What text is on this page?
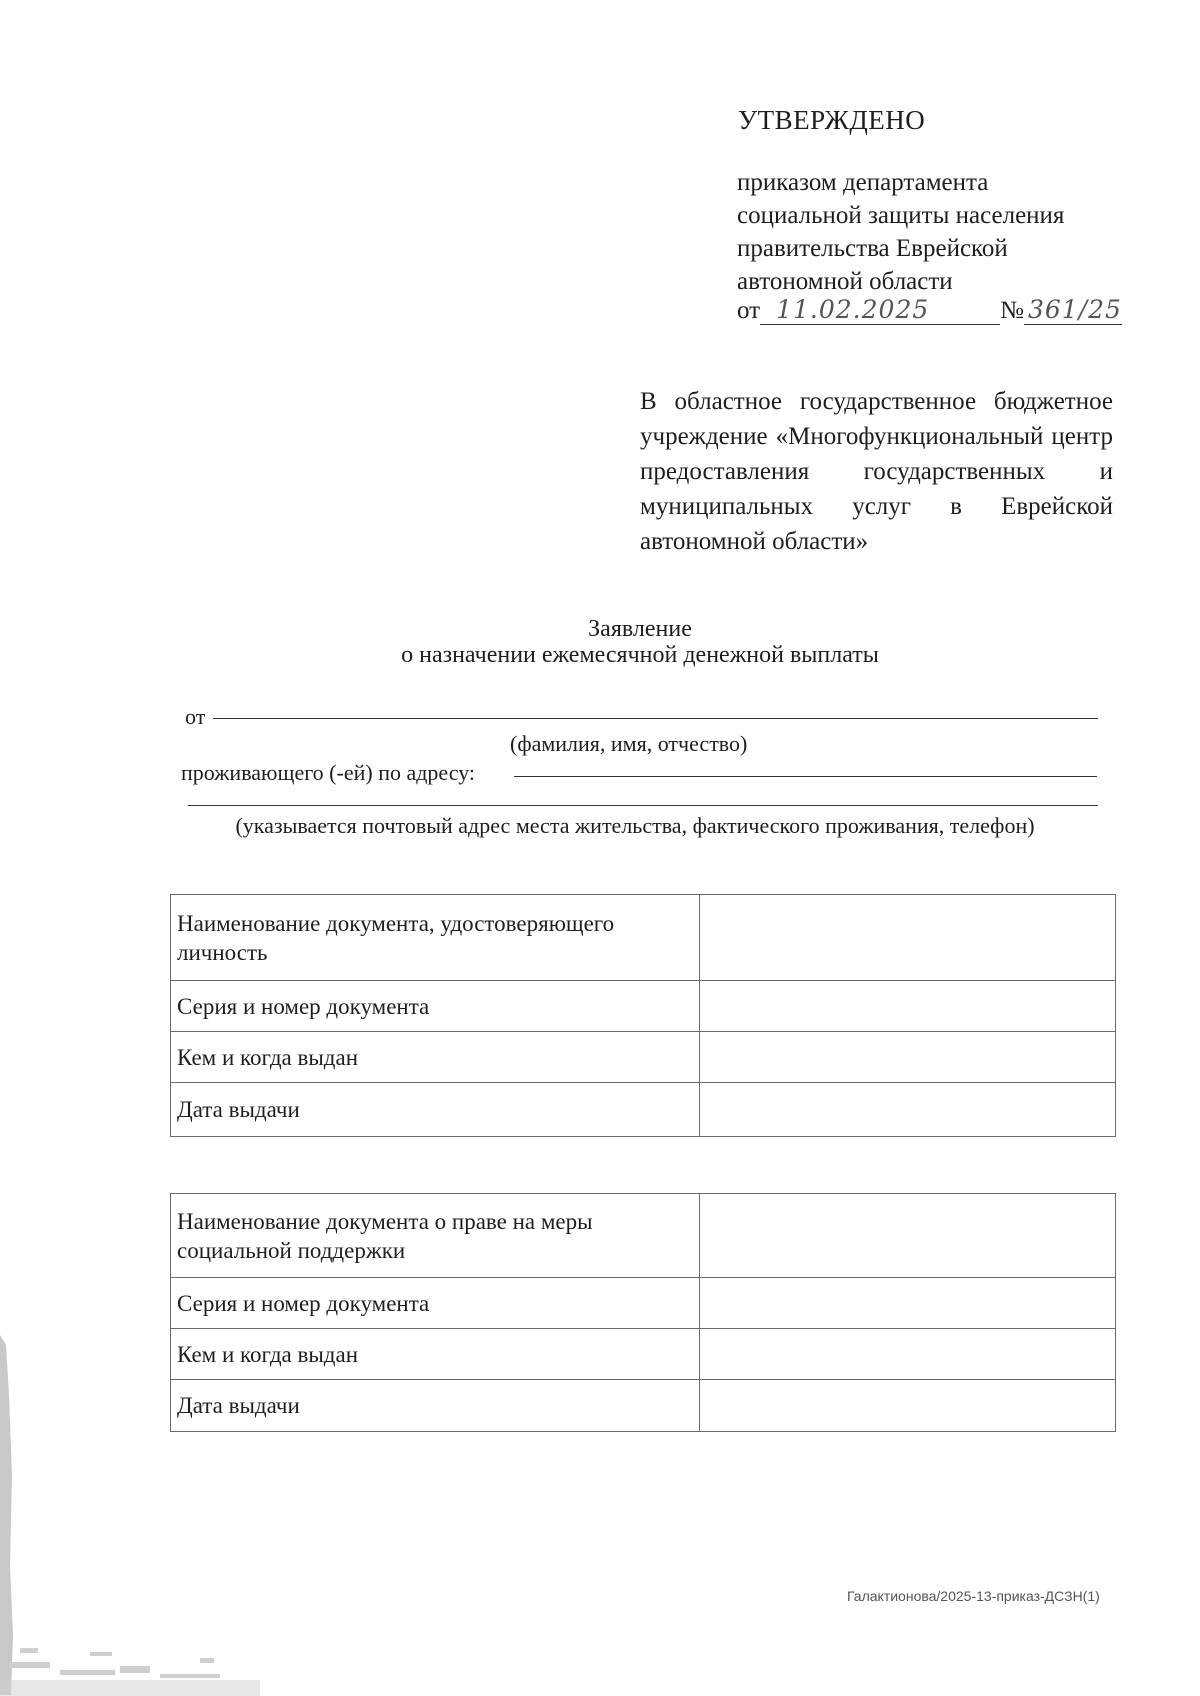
УТВЕРЖДЕНО
приказом департамента
социальной защиты населения
правительства Еврейской
автономной области
от 11.02.2025	№ 361/25
В областное государственное бюджетное учреждение «Многофункциональный центр предоставления государственных и муниципальных услуг в Еврейской автономной области»
Заявление
о назначении ежемесячной денежной выплаты
от
(фамилия, имя, отчество)
проживающего (-ей) по адресу:
(указывается почтовый адрес места жительства, фактического проживания, телефон)
Наименование документа, удостоверяющего личность	
Серия и номер документа	
Кем и когда выдан	
Дата выдачи	
Наименование документа о праве на меры социальной поддержки	
Серия и номер документа	
Кем и когда выдан	
Дата выдачи	
Галактионова/2025-13-приказ-ДСЗН(1)
